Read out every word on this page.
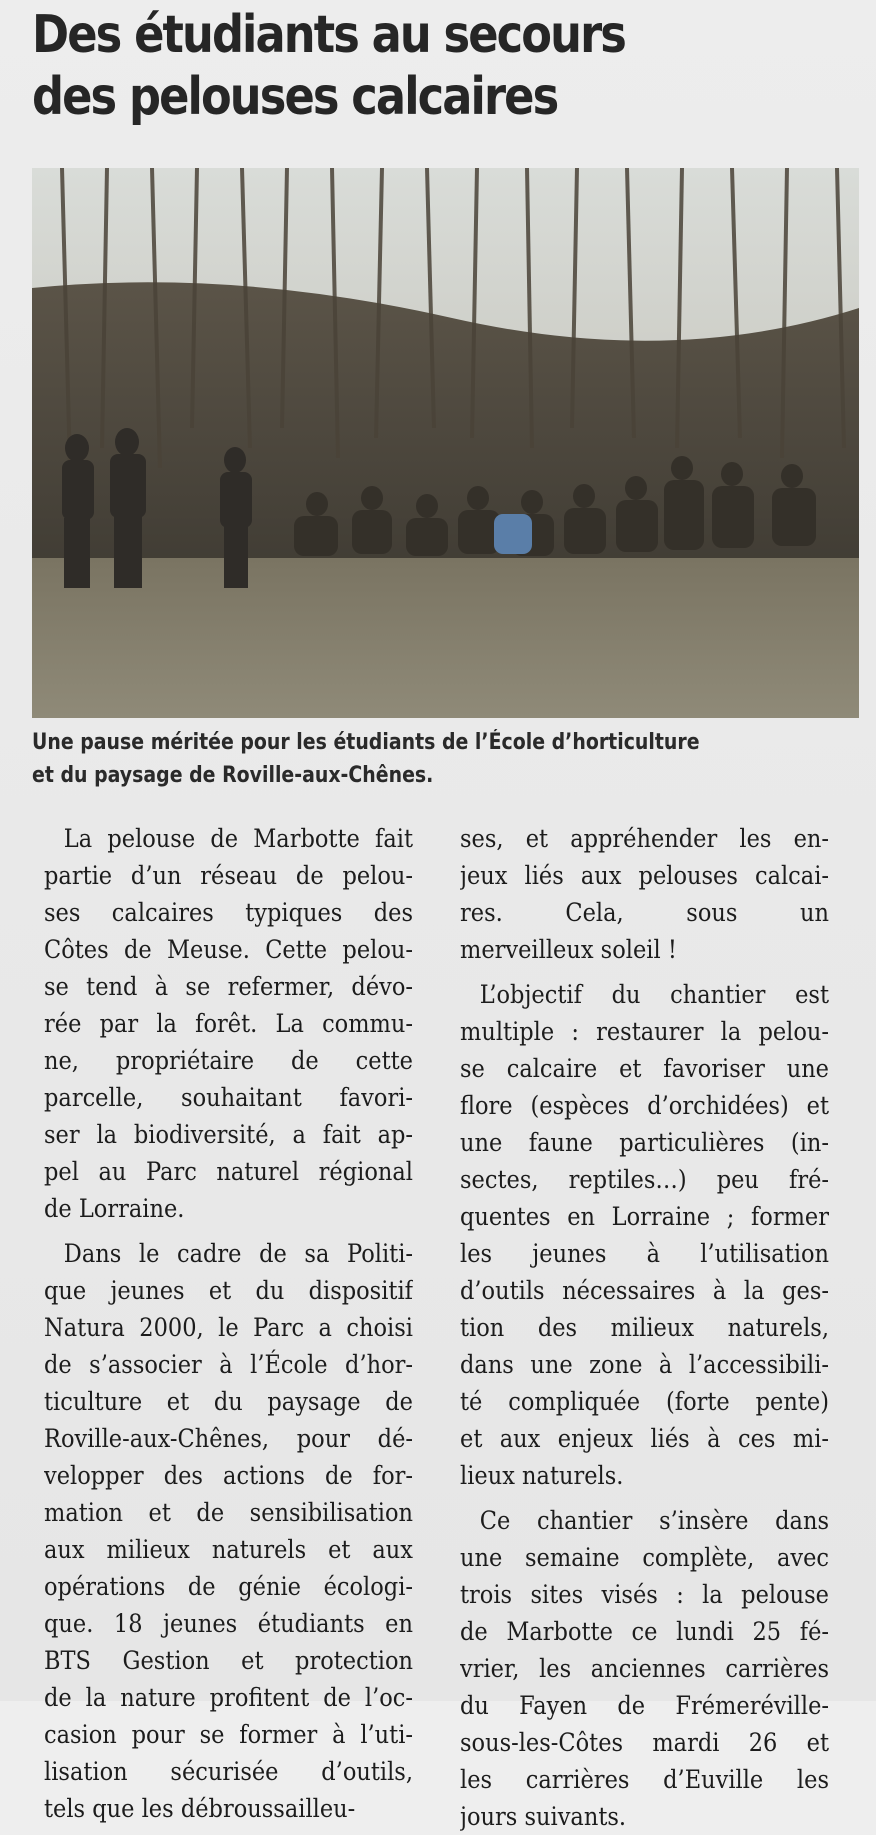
Des étudiants au secours
des pelouses calcaires
Une pause méritée pour les étudiants de l’École d’horticulture
et du paysage de Roville-aux-Chênes.
La pelouse de Marbotte fait
partie d’un réseau de pelou-
ses calcaires typiques des
Côtes de Meuse. Cette pelou-
se tend à se refermer, dévo-
rée par la forêt. La commu-
ne, propriétaire de cette
parcelle, souhaitant favori-
ser la biodiversité, a fait ap-
pel au Parc naturel régional
de Lorraine.
Dans le cadre de sa Politi-
que jeunes et du dispositif
Natura 2000, le Parc a choisi
de s’associer à l’École d’hor-
ticulture et du paysage de
Roville-aux-Chênes, pour dé-
velopper des actions de for-
mation et de sensibilisation
aux milieux naturels et aux
opérations de génie écologi-
que. 18 jeunes étudiants en
BTS Gestion et protection
de la nature profitent de l’oc-
casion pour se former à l’uti-
lisation sécurisée d’outils,
tels que les débroussailleu-
ses, et appréhender les en-
jeux liés aux pelouses calcai-
res. Cela, sous un
merveilleux soleil !
L’objectif du chantier est
multiple : restaurer la pelou-
se calcaire et favoriser une
flore (espèces d’orchidées) et
une faune particulières (in-
sectes, reptiles…) peu fré-
quentes en Lorraine ; former
les jeunes à l’utilisation
d’outils nécessaires à la ges-
tion des milieux naturels,
dans une zone à l’accessibili-
té compliquée (forte pente)
et aux enjeux liés à ces mi-
lieux naturels.
Ce chantier s’insère dans
une semaine complète, avec
trois sites visés : la pelouse
de Marbotte ce lundi 25 fé-
vrier, les anciennes carrières
du Fayen de Frémeréville-
sous-les-Côtes mardi 26 et
les carrières d’Euville les
jours suivants.
